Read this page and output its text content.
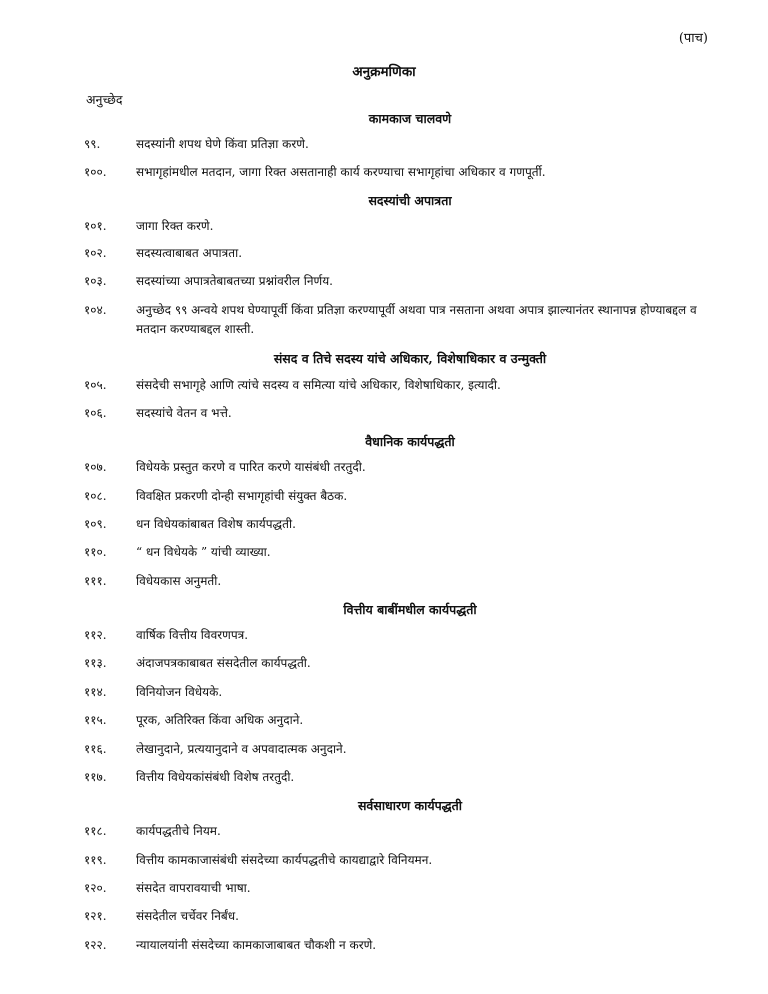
(पाच)
अनुक्रमणिका
अनुच्छेद
कामकाज चालवणे
९९.	सदस्यांनी शपथ घेणे किंवा प्रतिज्ञा करणे.
१००.	सभागृहांमधील मतदान, जागा रिक्त असतानाही कार्य करण्याचा सभागृहांचा अधिकार व गणपूर्ती.
सदस्यांची अपात्रता
१०१.	जागा रिक्त करणे.
१०२.	सदस्यत्वाबाबत अपात्रता.
१०३.	सदस्यांच्या अपात्रतेबाबतच्या प्रश्नांवरील निर्णय.
१०४.	अनुच्छेद ९९ अन्वये शपथ घेण्यापूर्वी किंवा प्रतिज्ञा करण्यापूर्वी अथवा पात्र नसताना अथवा अपात्र झाल्यानंतर स्थानापन्न होण्याबद्दल व मतदान करण्याबद्दल शास्ती.
संसद व तिचे सदस्य यांचे अधिकार, विशेषाधिकार व उन्मुक्ती
१०५.	संसदेची सभागृहे आणि त्यांचे सदस्य व समित्या यांचे अधिकार, विशेषाधिकार, इत्यादी.
१०६.	सदस्यांचे वेतन व भत्ते.
वैधानिक कार्यपद्धती
१०७.	विधेयके प्रस्तुत करणे व पारित करणे यासंबंधी तरतुदी.
१०८.	विवक्षित प्रकरणी दोन्ही सभागृहांची संयुक्त बैठक.
१०९.	धन विधेयकांबाबत विशेष कार्यपद्धती.
११०.	“ धन विधेयके ” यांची व्याख्या.
१११.	विधेयकास अनुमती.
वित्तीय बाबींमधील कार्यपद्धती
११२.	वार्षिक वित्तीय विवरणपत्र.
११३.	अंदाजपत्रकाबाबत संसदेतील कार्यपद्धती.
११४.	विनियोजन विधेयके.
११५.	पूरक, अतिरिक्त किंवा अधिक अनुदाने.
११६.	लेखानुदाने, प्रत्ययानुदाने व अपवादात्मक अनुदाने.
११७.	वित्तीय विधेयकांसंबंधी विशेष तरतुदी.
सर्वसाधारण कार्यपद्धती
११८.	कार्यपद्धतीचे नियम.
११९.	वित्तीय कामकाजासंबंधी संसदेच्या कार्यपद्धतीचे कायद्याद्वारे विनियमन.
१२०.	संसदेत वापरावयाची भाषा.
१२१.	संसदेतील चर्चेवर निर्बंध.
१२२.	न्यायालयांनी संसदेच्या कामकाजाबाबत चौकशी न करणे.
